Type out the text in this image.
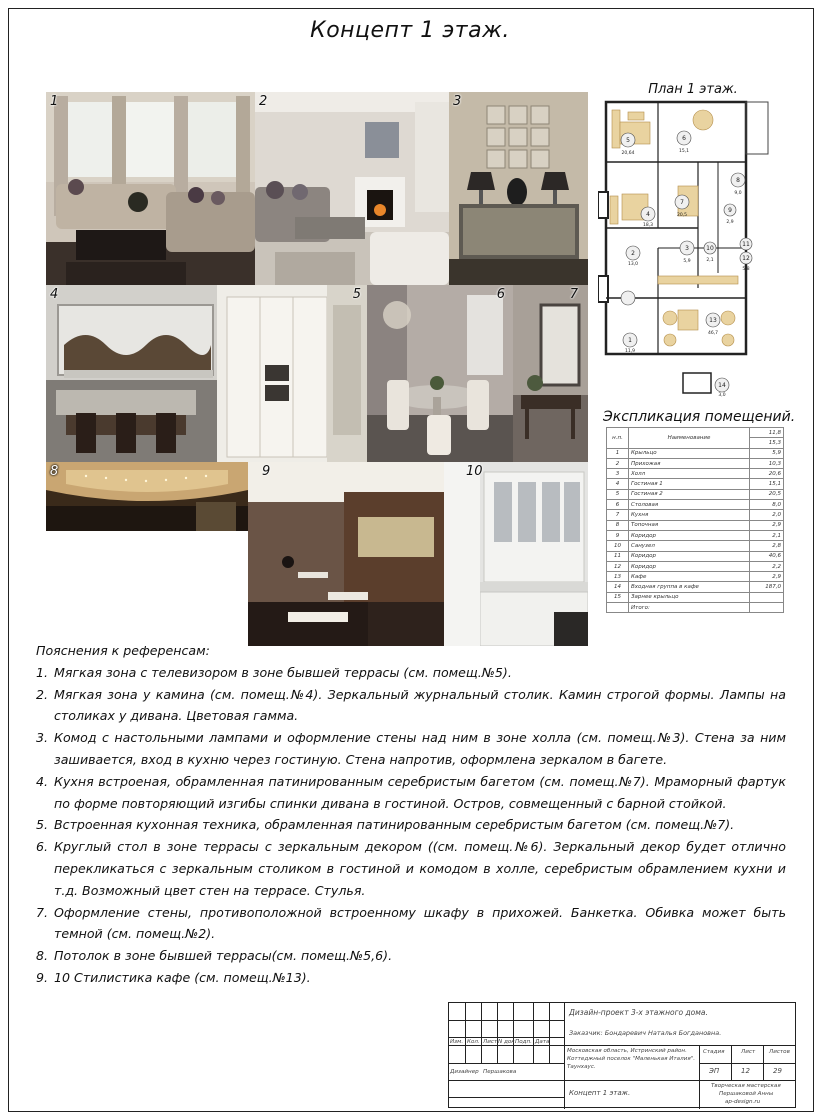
Концепт 1 этаж.
1	2	3
4	5	6	7
8	9	10
План 1 этаж.
5
20,64
6
15,1
4
18,3
7
20,5
8
9,0
3
5,9
9
2,9
10
2,1
11
12
5,8
2
13,0
13
46,7
1
11,9
14
3,0
Экспликация помещений.
н.п.	Наименование	11,8
		15,3
1	Крыльцо	5,9
2	Прихожая	10,3
3	Холл	20,6
4	Гостиная 1	15,1
5	Гостиная 2	20,5
6	Столовая	8,0
7	Кухня	2,0
8	Топочная	2,9
9	Коридор	2,1
10	Санузел	2,8
11	Коридор	40,6
12	Коридор	2,2
13	Кафе	2,9
14	Входная группа в кафе	187,0
15	Зарнее крыльцо	
	Итого:	
Пояснения к референсам:
1. Мягкая зона с телевизором в зоне бывшей террасы (см. помещ.№5).
2. Мягкая зона у камина (см. помещ.№4). Зеркальный журнальный столик. Камин строгой формы. Лампы на столиках у дивана. Цветовая гамма.
3. Комод с настольными лампами и оформление стены над ним в зоне холла (см. помещ.№3). Стена за ним зашивается, вход в кухню через гостиную. Стена напротив, оформлена зеркалом в багете.
4. Кухня встроеная, обрамленная патинированным серебристым багетом (см. помещ.№7). Мраморный фартук по форме повторяющий изгибы спинки дивана в гостиной. Остров, совмещенный с барной стойкой.
5. Встроенная кухонная техника, обрамленная патинированным серебристым багетом (см. помещ.№7).
6. Круглый стол в зоне террасы с зеркальным декором ((см. помещ.№6). Зеркальный декор будет отлично перекликаться с зеркальным столиком в гостиной и комодом в холле, серебристым обрамлением кухни и т.д. Возможный цвет стен на террасе. Стулья.
7. Оформление стены, противоположной встроенному шкафу в прихожей. Банкетка. Обивка может быть темной (см. помещ.№2).
8. Потолок в зоне бывшей террасы(см. помещ.№5,6).
9. 10 Стилистика кафе (см. помещ.№13).
Изм. Кол. Лист N док.
Подп. Дата
Дизайнер Першакова
Дизайн-проект 3-х этажного дома.
Заказчик: Бондаревич Наталья Богдановна.
Московская область, Истринский район.
Коттеджный поселок "Маленькая Италия".
Таунхаус.
Концепт 1 этаж.
Стадия	Лист Листов
ЭП	12	29
Творческая мастерская
Першаковой Анны
ap-design.ru
